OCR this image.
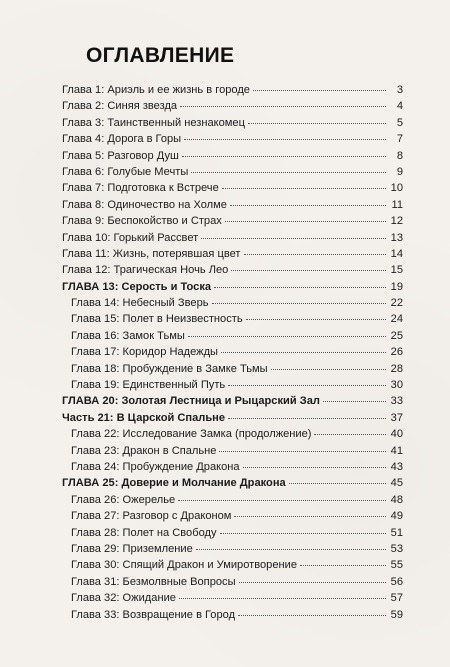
ОГЛАВЛЕНИЕ
Глава 1: Ариэль и ее жизнь в городе	3
Глава 2: Синяя звезда	4
Глава 3: Таинственный незнакомец	5
Глава 4: Дорога в Горы	7
Глава 5: Разговор Душ	8
Глава 6: Голубые Мечты	9
Глава 7: Подготовка к Встрече	10
Глава 8: Одиночество на Холме	11
Глава 9: Беспокойство и Страх	12
Глава 10: Горький Рассвет	13
Глава 11: Жизнь, потерявшая цвет	14
Глава 12: Трагическая Ночь Лео	15
ГЛАВА 13: Серость и Тоска	19
Глава 14: Небесный Зверь	22
Глава 15: Полет в Неизвестность	24
Глава 16: Замок Тьмы	25
Глава 17: Коридор Надежды	26
Глава 18: Пробуждение в Замке Тьмы	28
Глава 19: Единственный Путь	30
ГЛАВА 20: Золотая Лестница и Рыцарский Зал	33
Часть 21: В Царской Спальне	37
Глава 22: Исследование Замка (продолжение)	40
Глава 23: Дракон в Спальне	41
Глава 24: Пробуждение Дракона	43
ГЛАВА 25: Доверие и Молчание Дракона	45
Глава 26: Ожерелье	48
Глава 27: Разговор с Драконом	49
Глава 28: Полет на Свободу	51
Глава 29: Приземление	53
Глава 30: Спящий Дракон и Умиротворение	55
Глава 31: Безмолвные Вопросы	56
Глава 32: Ожидание	57
Глава 33: Возвращение в Город	59
